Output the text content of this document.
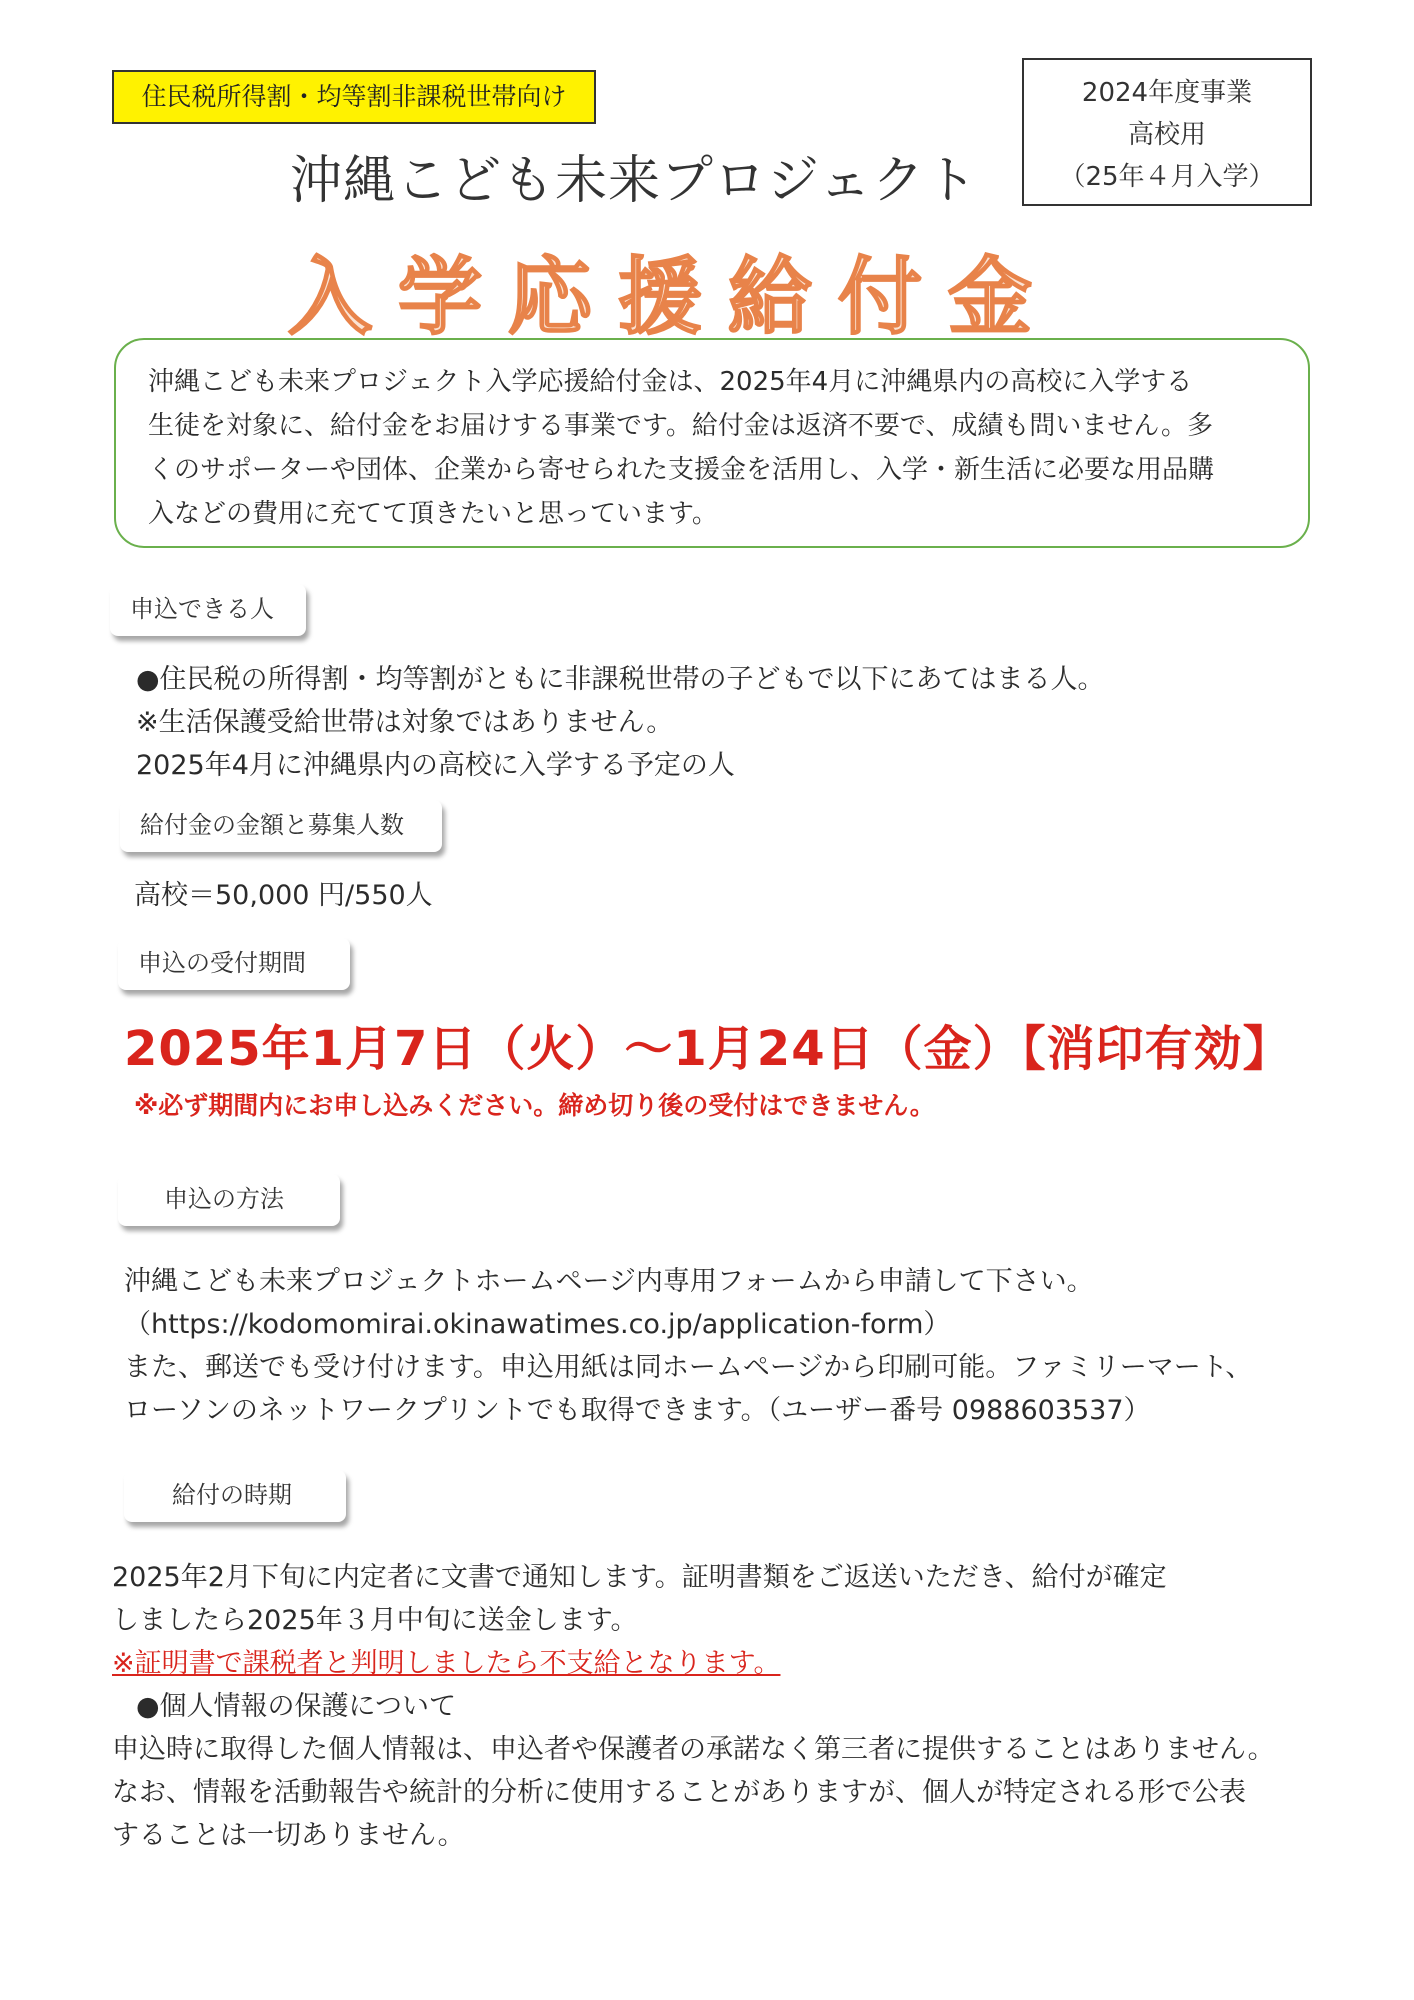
住民税所得割・均等割非課税世帯向け	2024年度事業
高校用
（25年４月入学）
沖縄こども未来プロジェクト
入学応援給付金
沖縄こども未来プロジェクト入学応援給付金は、2025年4月に沖縄県内の高校に入学する
生徒を対象に、給付金をお届けする事業です。給付金は返済不要で、成績も問いません。多
くのサポーターや団体、企業から寄せられた支援金を活用し、入学・新生活に必要な用品購
入などの費用に充てて頂きたいと思っています。
申込できる人
●住民税の所得割・均等割がともに非課税世帯の子どもで以下にあてはまる人。
※生活保護受給世帯は対象ではありません。
2025年4月に沖縄県内の高校に入学する予定の人
給付金の金額と募集人数
高校＝50,000 円/550人
申込の受付期間
2025年1月7日（火）～1月24日（金）【消印有効】
※必ず期間内にお申し込みください。締め切り後の受付はできません。
申込の方法
沖縄こども未来プロジェクトホームページ内専用フォームから申請して下さい。
（https://kodomomirai.okinawatimes.co.jp/application-form）
また、郵送でも受け付けます。申込用紙は同ホームページから印刷可能。ファミリーマート、
ローソンのネットワークプリントでも取得できます。（ユーザー番号 0988603537）
給付の時期
2025年2月下旬に内定者に文書で通知します。証明書類をご返送いただき、給付が確定
しましたら2025年３月中旬に送金します。
※証明書で課税者と判明しましたら不支給となります。
●個人情報の保護について
申込時に取得した個人情報は、申込者や保護者の承諾なく第三者に提供することはありません。
なお、情報を活動報告や統計的分析に使用することがありますが、個人が特定される形で公表
することは一切ありません。
